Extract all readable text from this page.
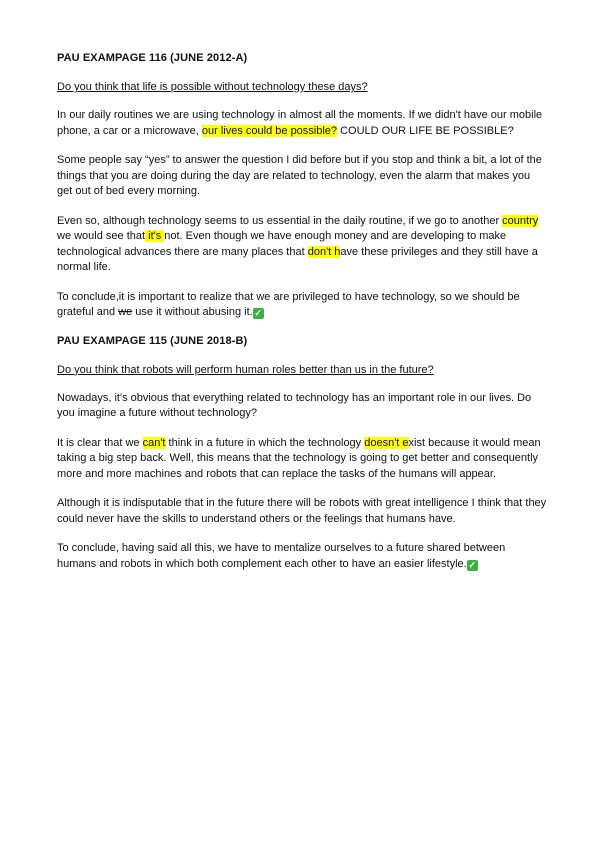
PAU EXAMPAGE 116 (JUNE 2012-A)
Do you think that life is possible without technology these days?

In our daily routines we are using technology in almost all the moments. If we didn't have our mobile phone, a car or a microwave, our lives could be possible? COULD OUR LIFE BE POSSIBLE?

Some people say “yes” to answer the question I did before but if you stop and think a bit, a lot of the things that you are doing during the day are related to technology, even the alarm that makes you get out of bed every morning.

Even so, although technology seems to us essential in the daily routine, if we go to another country we would see that it's not. Even though we have enough money and are developing to make technological advances there are many places that don't have these privileges and they still have a normal life.

To conclude,it is important to realize that we are privileged to have technology, so we should be grateful and we use it without abusing it. ✓

PAU EXAMPAGE 115 (JUNE 2018-B)
Do you think that robots will perform human roles better than us in the future?

Nowadays, it's obvious that everything related to technology has an important role in our lives. Do you imagine a future without technology?

It is clear that we can't think in a future in which the technology doesn't exist because it would mean taking a big step back. Well, this means that the technology is going to get better and consequently more and more machines and robots that can replace the tasks of the humans will appear.

Although it is indisputable that in the future there will be robots with great intelligence I think that they could never have the skills to understand others or the feelings that humans have.

To conclude, having said all this, we have to mentalize ourselves to a future shared between humans and robots in which both complement each other to have an easier lifestyle. ✓
